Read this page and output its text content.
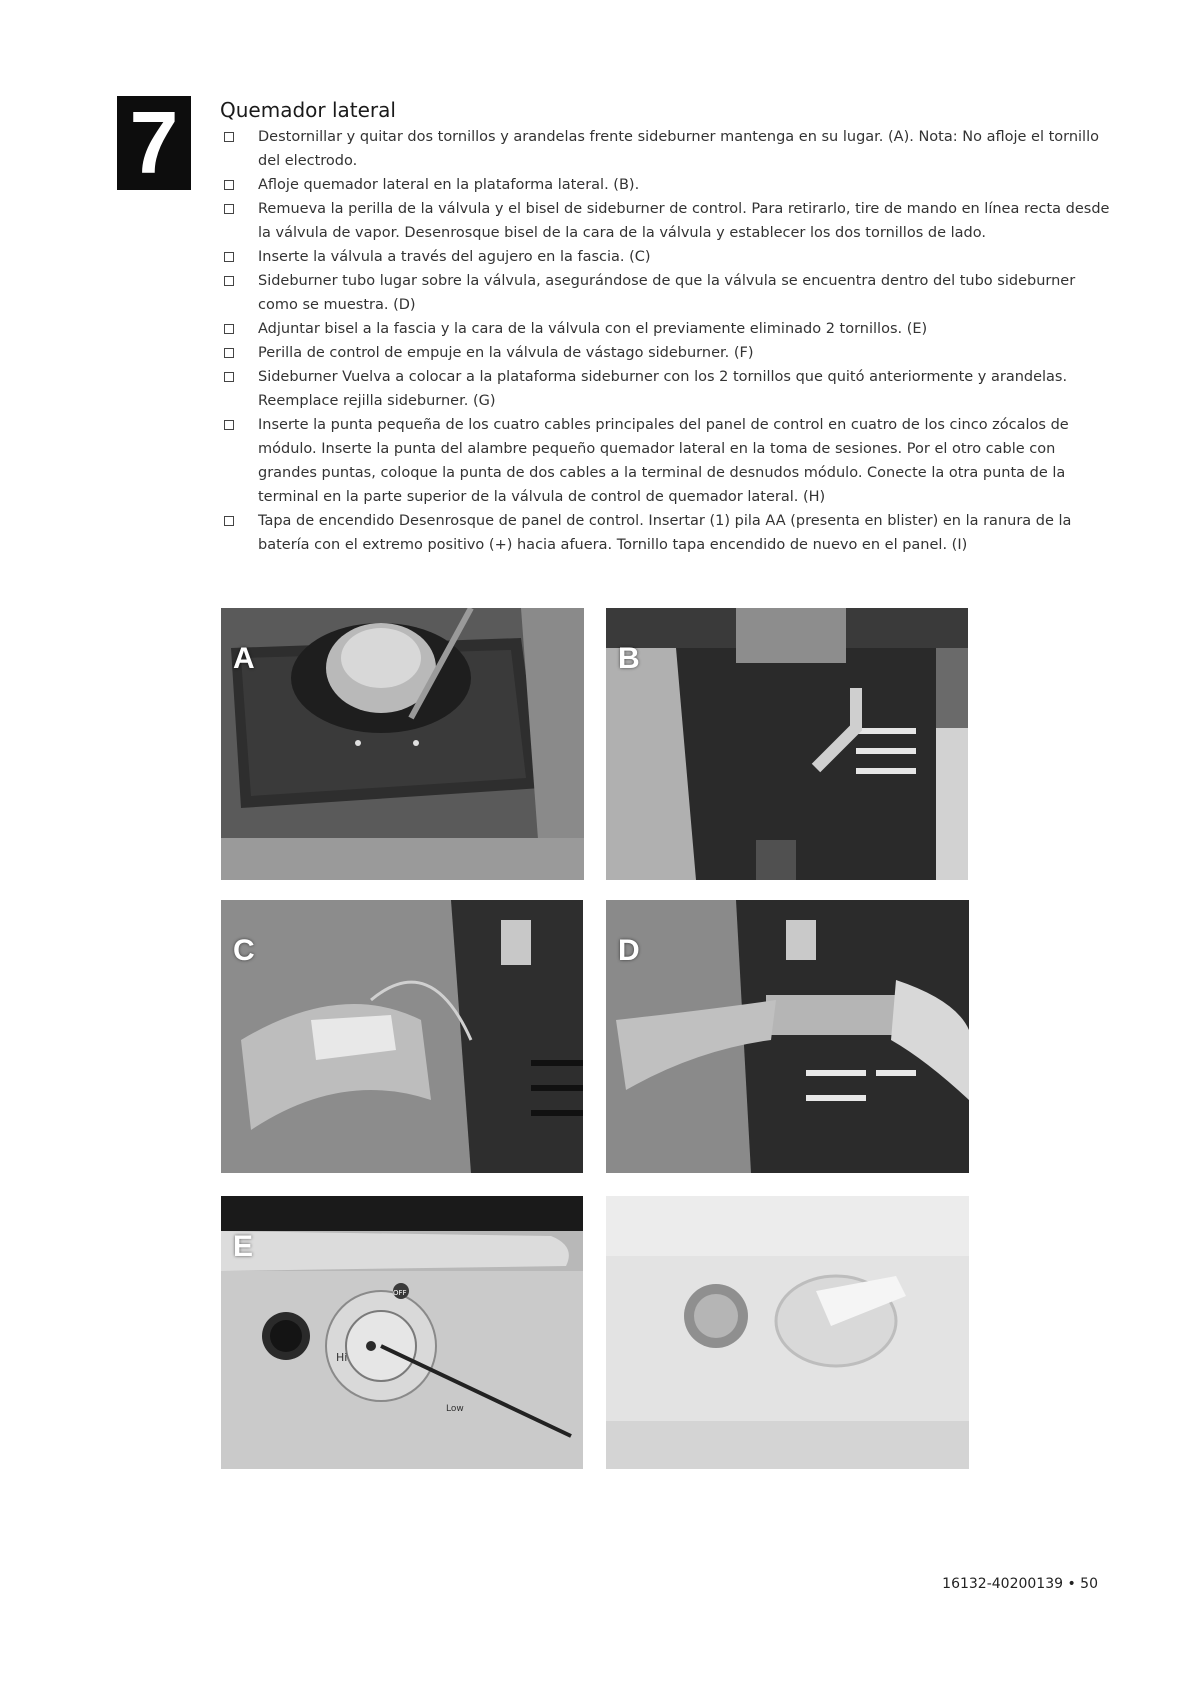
7	Quemador lateral
Destornillar y quitar dos tornillos y arandelas frente sideburner mantenga en su lugar. (A). Nota: No afloje el tornillo del electrodo.
Afloje quemador lateral en la plataforma lateral. (B).
Remueva la perilla de la válvula y el bisel de sideburner de control. Para retirarlo, tire de mando en línea recta desde la válvula de vapor. Desenrosque bisel de la cara de la válvula y establecer los dos tornillos de lado.
Inserte la válvula a través del agujero en la fascia. (C)
Sideburner tubo lugar sobre la válvula, asegurándose de que la válvula se encuentra dentro del tubo sideburner como se muestra. (D)
Adjuntar bisel a la fascia y la cara de la válvula con el previamente eliminado 2 tornillos. (E)
Perilla de control de empuje en la válvula de vástago sideburner. (F)
Sideburner Vuelva a colocar a la plataforma sideburner con los 2 tornillos que quitó anteriormente y arandelas. Reemplace rejilla sideburner. (G)
Inserte la punta pequeña de los cuatro cables principales del panel de control en cuatro de los cinco zócalos de módulo. Inserte la punta del alambre pequeño quemador lateral en la toma de sesiones. Por el otro cable con grandes puntas, coloque la punta de dos cables a la terminal de desnudos módulo. Conecte la otra punta de la terminal en la parte superior de la válvula de control de quemador lateral. (H)
Tapa de encendido Desenrosque de panel de control. Insertar (1) pila AA (presenta en blister) en la ranura de la batería con el extremo positivo (+) hacia afuera. Tornillo tapa encendido de nuevo en el panel. (I)
A	B
C	D
OFF
Hi
Low
E
16132-40200139 • 50
